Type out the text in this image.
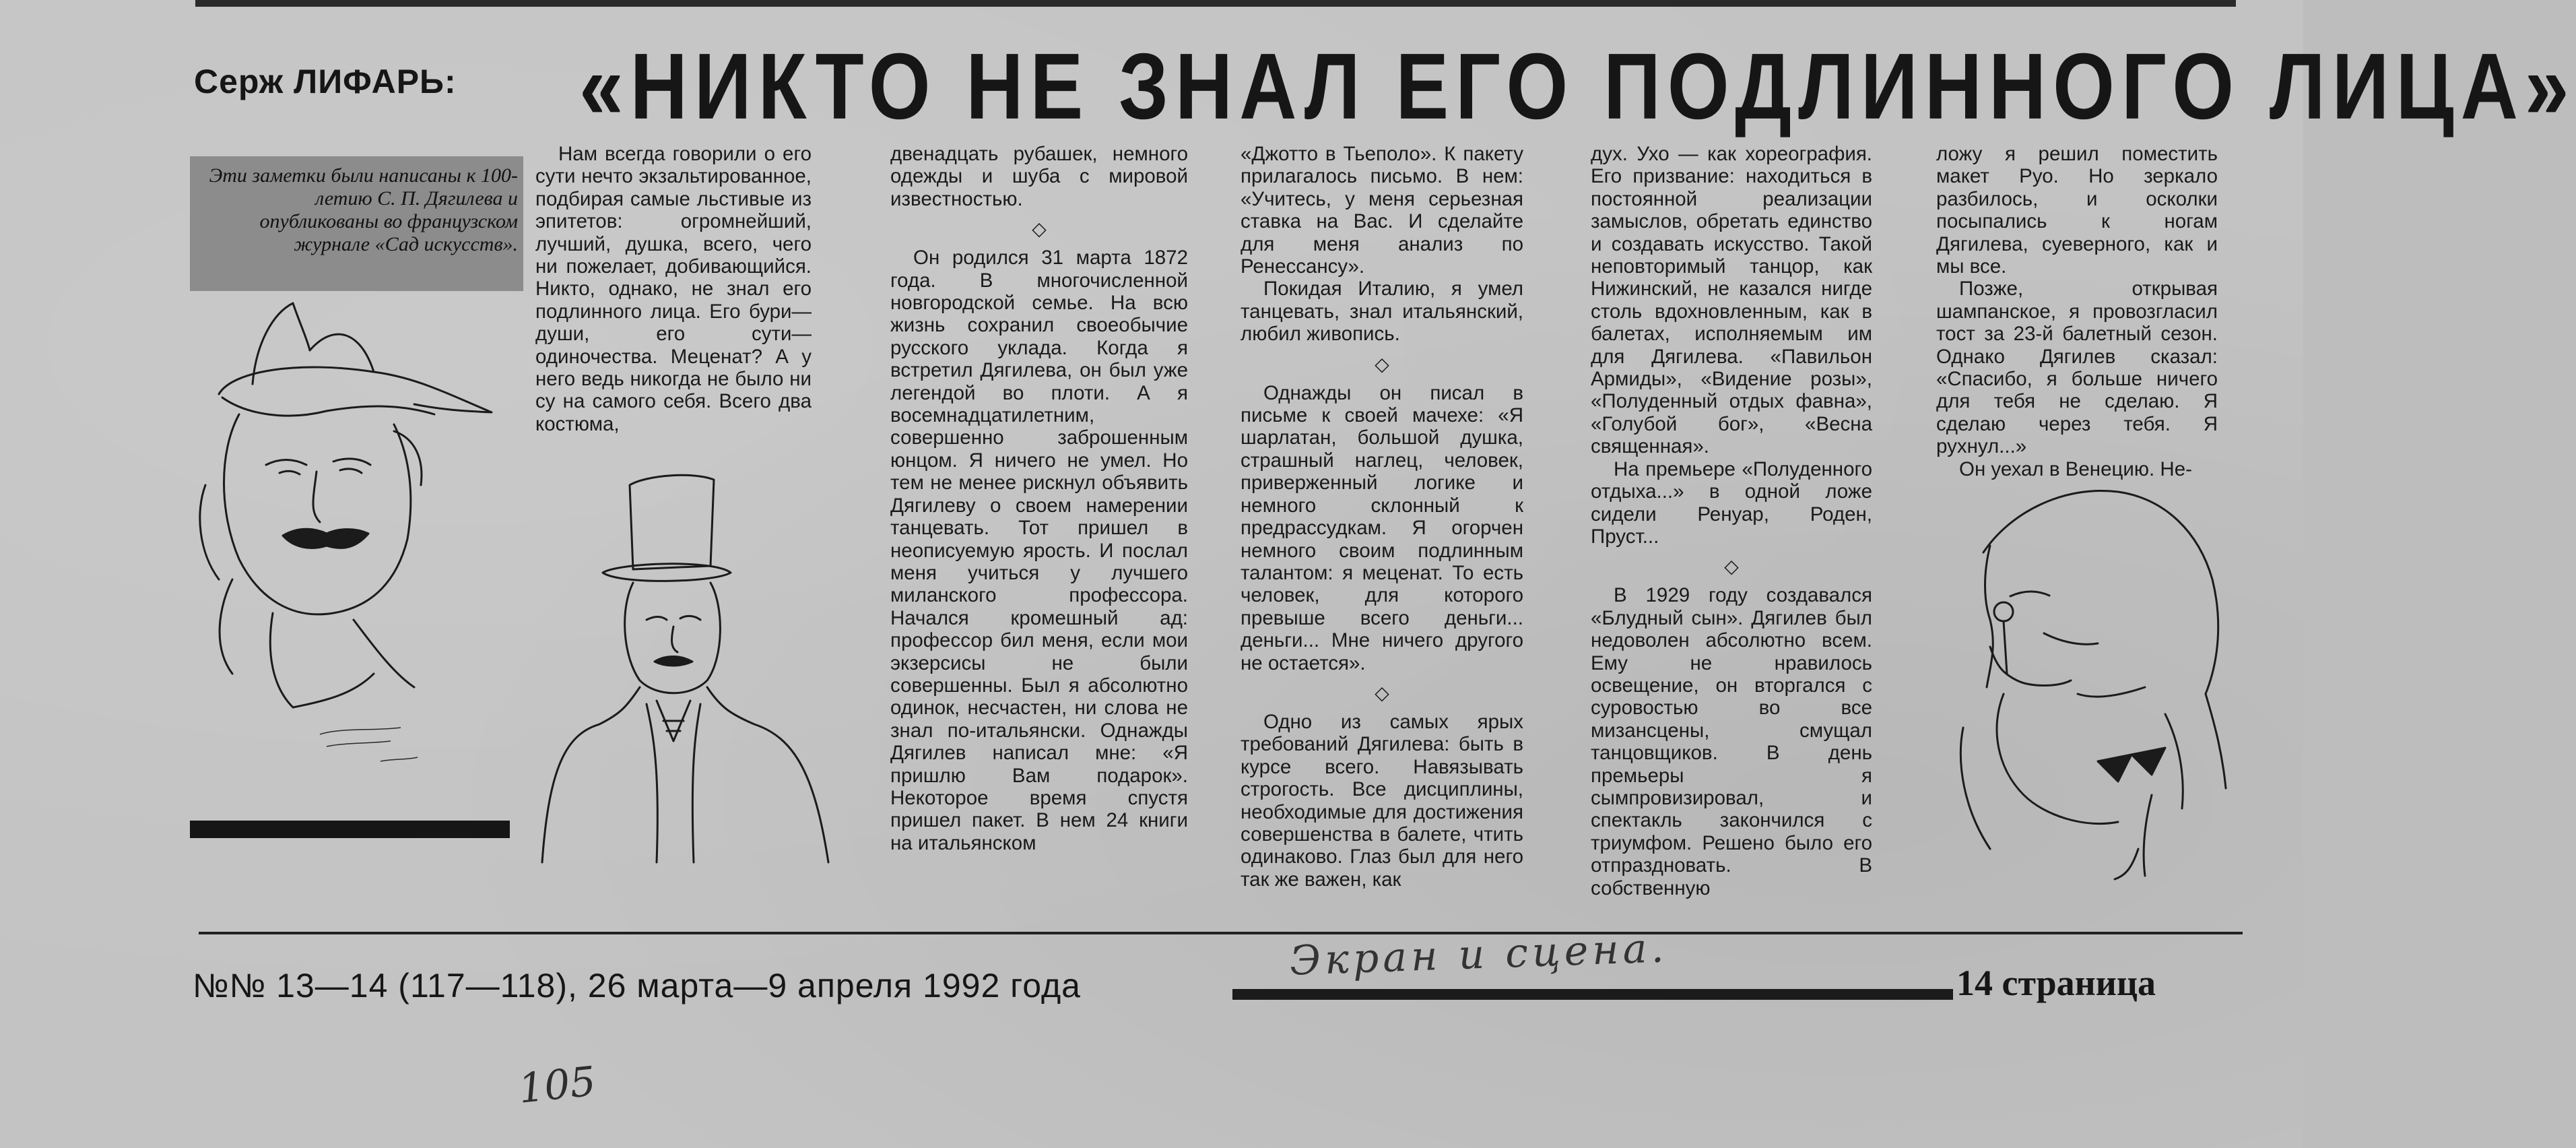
Серж ЛИФАРЬ: «НИКТО НЕ ЗНАЛ ЕГО ПОДЛИННОГО ЛИЦА»
Эти заметки были написаны к 100-летию С. П. Дягилева и опубликованы во французском журнале «Сад искусств».

Нам всегда говорили о его сути нечто экзальтированное, подбирая самые льстивые из эпитетов: огромнейший, лучший, душка, всего, чего ни пожелает, добивающийся. Никто, однако, не знал его подлинного лица. Его бури—души, его сути—одиночества. Меценат? А у него ведь никогда не было ни су на самого себя. Всего два костюма,

двенадцать рубашек, немного одежды и шуба с мировой известностью.

◇

Он родился 31 марта 1872 года. В многочисленной новгородской семье. На всю жизнь сохранил своеобычие русского уклада. Когда я встретил Дягилева, он был уже легендой во плоти. А я восемнадцатилетним, совершенно заброшенным юнцом. Я ничего не умел. Но тем не менее рискнул объявить Дягилеву о своем намерении танцевать. Тот пришел в неописуемую ярость. И послал меня учиться у лучшего миланского профессора. Начался кромешный ад: профессор бил меня, если мои экзерсисы не были совершенны. Был я абсолютно одинок, несчастен, ни слова не знал по-итальянски. Однажды Дягилев написал мне: «Я пришлю Вам подарок». Некоторое время спустя пришел пакет. В нем 24 книги на итальянском

«Джотто в Тьеполо». К пакету прилагалось письмо. В нем: «Учитесь, у меня серьезная ставка на Вас. И сделайте для меня анализ по Ренессансу».

Покидая Италию, я умел танцевать, знал итальянский, любил живопись.

◇

Однажды он писал в письме к своей мачехе: «Я шарлатан, большой душка, страшный наглец, человек, приверженный логике и немного склонный к предрассудкам. Я огорчен немного своим подлинным талантом: я меценат. То есть человек, для которого превыше всего деньги... деньги... Мне ничего другого не остается».

◇

Одно из самых ярых требований Дягилева: быть в курсе всего. Навязывать строгость. Все дисциплины, необходимые для достижения совершенства в балете, чтить одинаково. Глаз был для него так же важен, как

дух. Ухо — как хореография. Его призвание: находиться в постоянной реализации замыслов, обретать единство и создавать искусство. Такой неповторимый танцор, как Нижинский, не казался нигде столь вдохновленным, как в балетах, исполняемым им для Дягилева. «Павильон Армиды», «Видение розы», «Полуденный отдых фавна», «Голубой бог», «Весна священная».

На премьере «Полуденного отдыха...» в одной ложе сидели Ренуар, Роден, Пруст...

◇

В 1929 году создавался «Блудный сын». Дягилев был недоволен абсолютно всем. Ему не нравилось освещение, он вторгался с суровостью во все мизансцены, смущал танцовщиков. В день премьеры я сымпровизировал, и спектакль закончился с триумфом. Решено было его отпраздновать. В собственную

ложу я решил поместить макет Руо. Но зеркало разбилось, и осколки посыпались к ногам Дягилева, суеверного, как и мы все.

Позже, открывая шампанское, я провозгласил тост за 23-й балетный сезон. Однако Дягилев сказал: «Спасибо, я больше ничего для тебя не сделаю. Я сделаю через тебя. Я рухнул...»

Он уехал в Венецию. Не-

№№ 13—14 (117—118), 26 марта—9 апреля 1992 года
Экран и сцена.	14 страница
105
